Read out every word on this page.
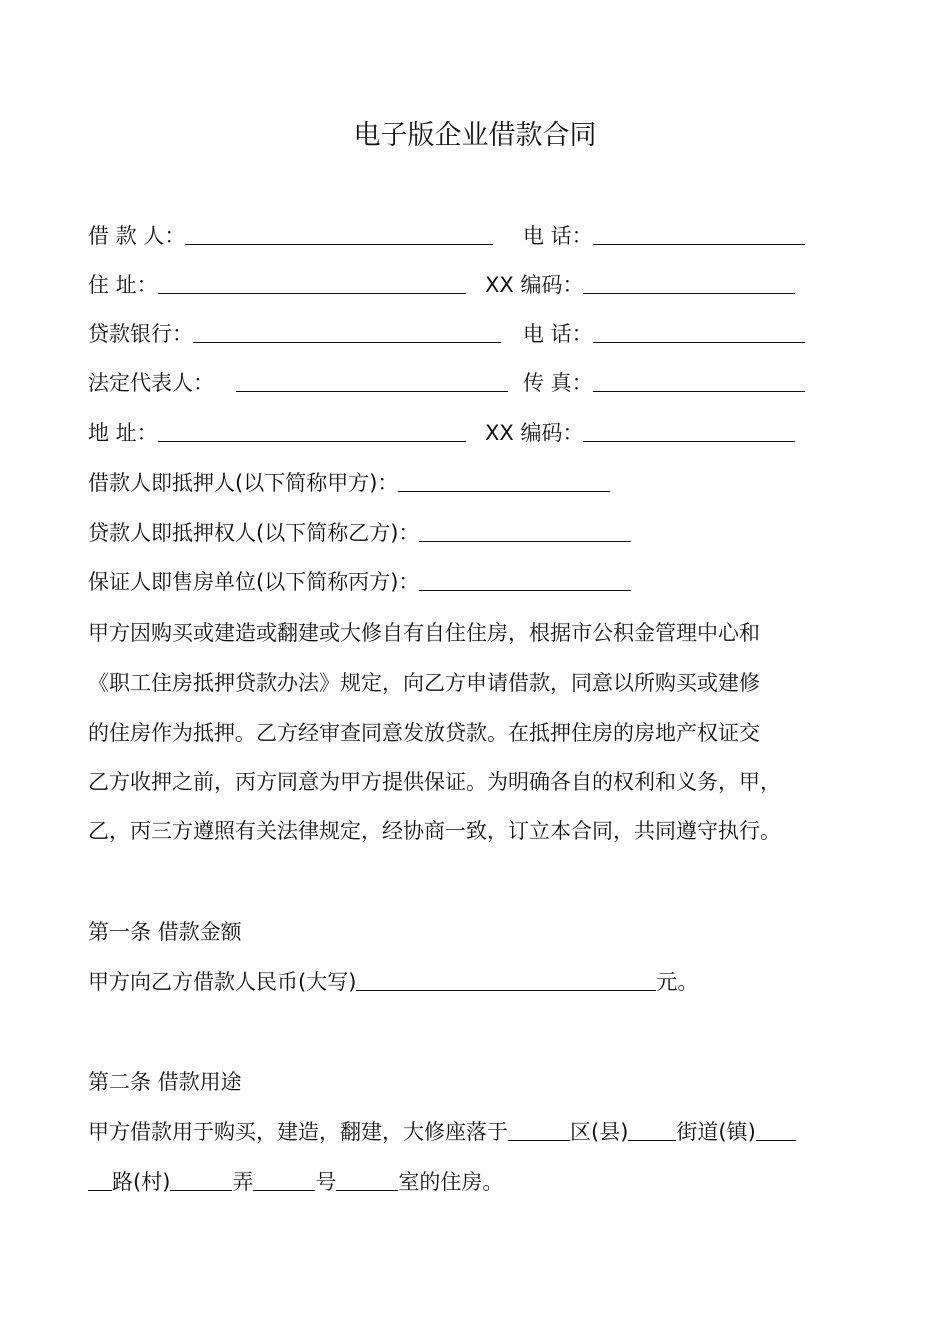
电子版企业借款合同
借 款 人：	电 话：
住 址：	XX 编码：
贷款银行：	电 话：
法定代表人：	传 真：
地 址：	XX 编码：
借款人即抵押人(以下简称甲方)：
贷款人即抵押权人(以下简称乙方)：
保证人即售房单位(以下简称丙方)：
甲方因购买或建造或翻建或大修自有自住住房，根据市公积金管理中心和
《职工住房抵押贷款办法》规定，向乙方申请借款，同意以所购买或建修
的住房作为抵押。乙方经审查同意发放贷款。在抵押住房的房地产权证交
乙方收押之前，丙方同意为甲方提供保证。为明确各自的权利和义务，甲，
乙，丙三方遵照有关法律规定，经协商一致，订立本合同，共同遵守执行。
第一条 借款金额
甲方向乙方借款人民币(大写)	元。
第二条 借款用途
甲方借款用于购买，建造，翻建，大修座落于	区(县) 街道(镇)
路(村)	弄	号	室的住房。
